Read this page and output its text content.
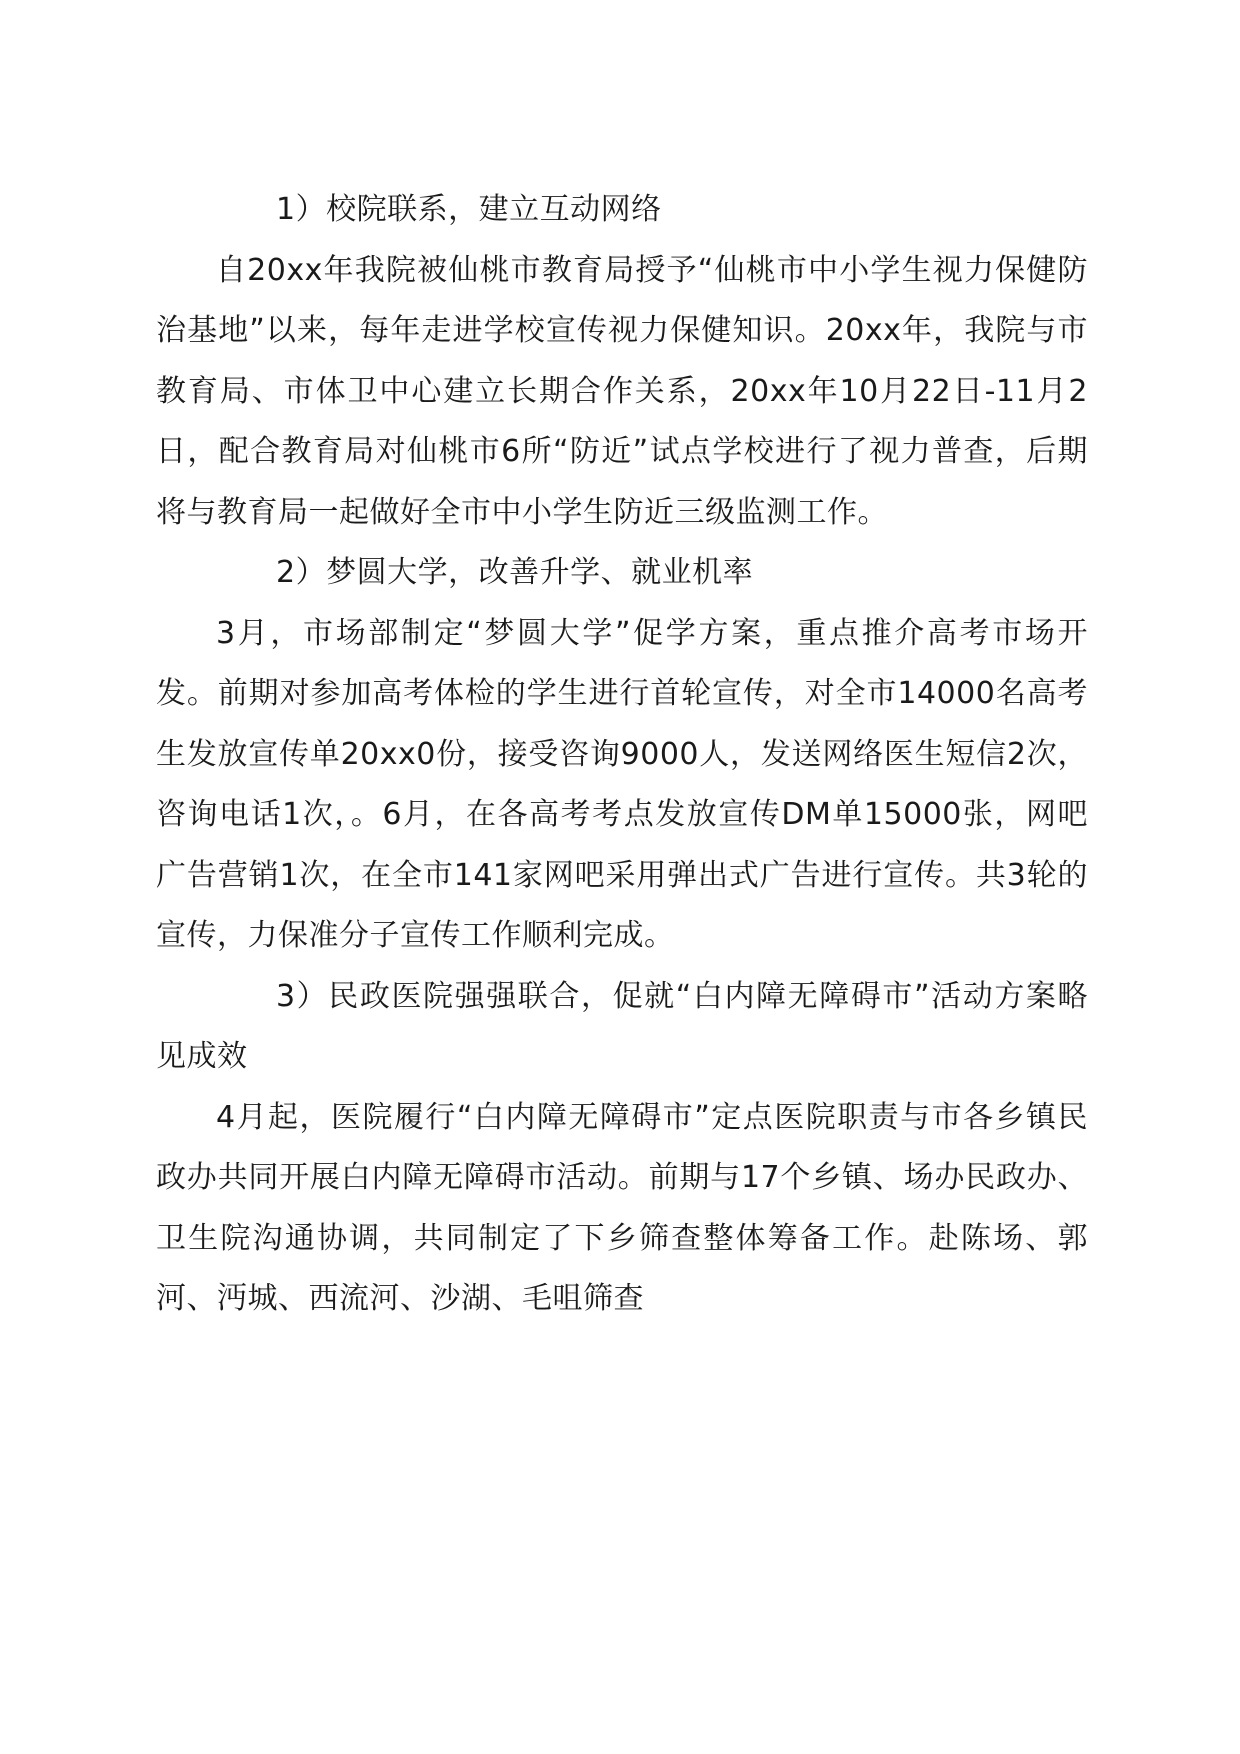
1）校院联系，建立互动网络

自20xx年我院被仙桃市教育局授予“仙桃市中小学生视力保健防治基地”以来，每年走进学校宣传视力保健知识。20xx年，我院与市教育局、市体卫中心建立长期合作关系，20xx年10月22日-11月2日，配合教育局对仙桃市6所“防近”试点学校进行了视力普查，后期将与教育局一起做好全市中小学生防近三级监测工作。

2）梦圆大学，改善升学、就业机率

3月，市场部制定“梦圆大学”促学方案，重点推介高考市场开发。前期对参加高考体检的学生进行首轮宣传，对全市14000名高考生发放宣传单20xx0份，接受咨询9000人，发送网络医生短信2次，咨询电话1次，。6月，在各高考考点发放宣传DM单15000张，网吧广告营销1次，在全市141家网吧采用弹出式广告进行宣传。共3轮的宣传，力保准分子宣传工作顺利完成。

3）民政医院强强联合，促就“白内障无障碍市”活动方案略见成效

4月起，医院履行“白内障无障碍市”定点医院职责与市各乡镇民政办共同开展白内障无障碍市活动。前期与17个乡镇、场办民政办、卫生院沟通协调，共同制定了下乡筛查整体筹备工作。赴陈场、郭河、沔城、西流河、沙湖、毛咀筛查
